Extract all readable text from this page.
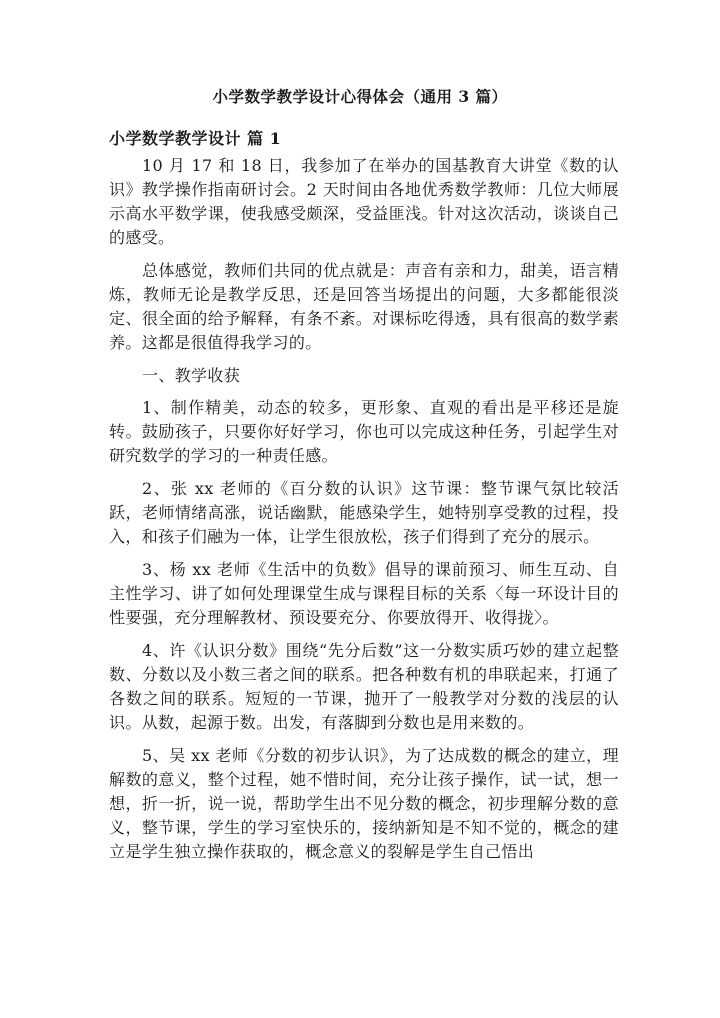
小学数学教学设计心得体会（通用 3 篇）
小学数学教学设计 篇 1

10 月 17 和 18 日，我参加了在举办的国基教育大讲堂《数的认识》教学操作指南研讨会。2 天时间由各地优秀数学教师：几位大师展示高水平数学课，使我感受颇深，受益匪浅。针对这次活动，谈谈自己的感受。

总体感觉，教师们共同的优点就是：声音有亲和力，甜美，语言精炼，教师无论是教学反思，还是回答当场提出的问题，大多都能很淡定、很全面的给予解释，有条不紊。对课标吃得透，具有很高的数学素养。这都是很值得我学习的。

一、教学收获

1、制作精美，动态的较多，更形象、直观的看出是平移还是旋转。鼓励孩子，只要你好好学习，你也可以完成这种任务，引起学生对研究数学的学习的一种责任感。

2、张 xx 老师的《百分数的认识》这节课：整节课气氛比较活跃，老师情绪高涨，说话幽默，能感染学生，她特别享受教的过程，投入，和孩子们融为一体，让学生很放松，孩子们得到了充分的展示。

3、杨 xx 老师《生活中的负数》倡导的课前预习、师生互动、自主性学习、讲了如何处理课堂生成与课程目标的关系〈每一环设计目的性要强，充分理解教材、预设要充分、你要放得开、收得拢〉。

4、许《认识分数》围绕“先分后数”这一分数实质巧妙的建立起整数、分数以及小数三者之间的联系。把各种数有机的串联起来，打通了各数之间的联系。短短的一节课，抛开了一般教学对分数的浅层的认识。从数，起源于数。出发，有落脚到分数也是用来数的。

5、吴 xx 老师《分数的初步认识》，为了达成数的概念的建立，理解数的意义，整个过程，她不惜时间，充分让孩子操作，试一试，想一想，折一折，说一说，帮助学生出不见分数的概念，初步理解分数的意义，整节课，学生的学习室快乐的，接纳新知是不知不觉的，概念的建立是学生独立操作获取的，概念意义的裂解是学生自己悟出
